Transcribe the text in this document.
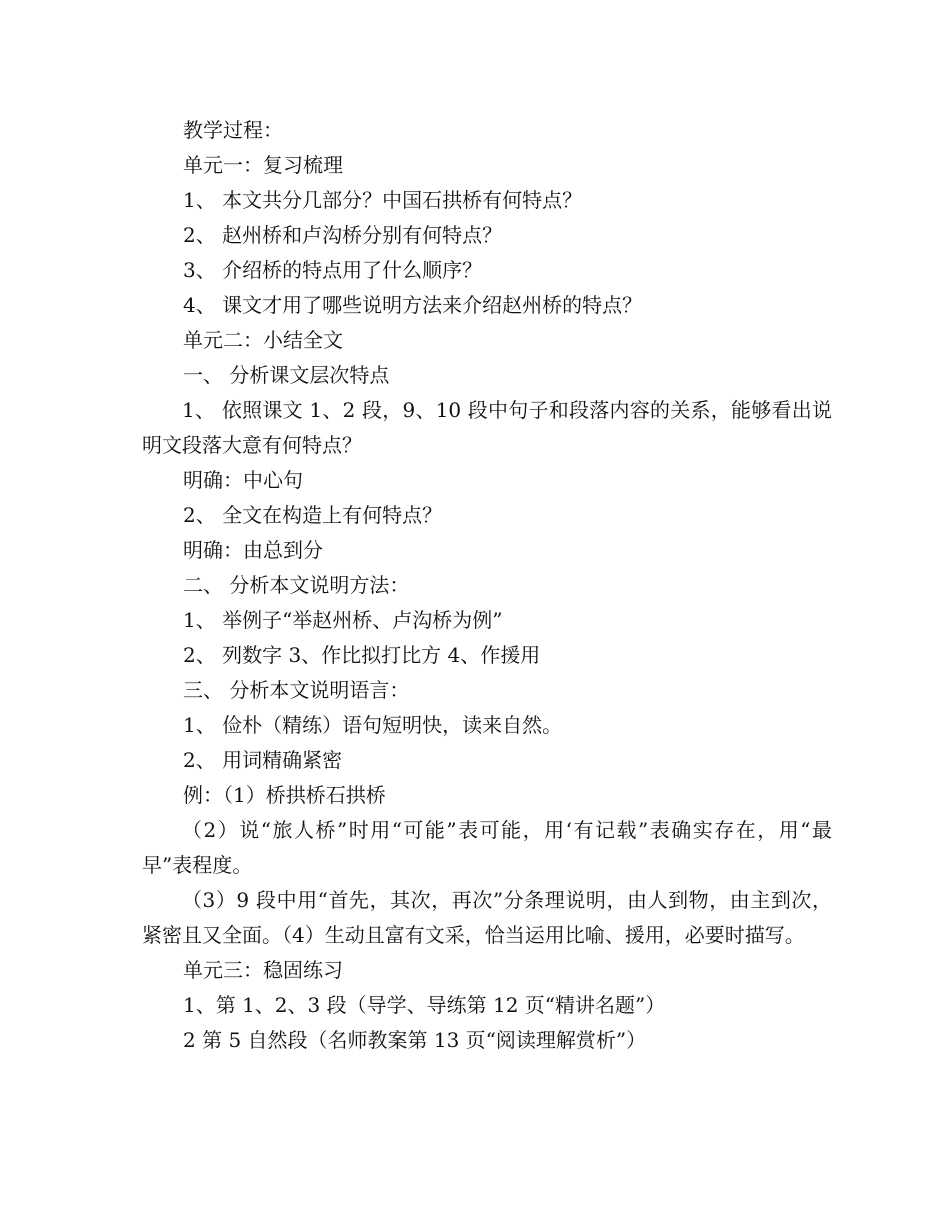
教学过程：

单元一：复习梳理

1、 本文共分几部分？中国石拱桥有何特点？

2、 赵州桥和卢沟桥分别有何特点？

3、 介绍桥的特点用了什么顺序？

4、 课文才用了哪些说明方法来介绍赵州桥的特点？

单元二：小结全文

一、 分析课文层次特点

1、 依照课文 1、2 段，9、10 段中句子和段落内容的关系，能够看出说明文段落大意有何特点？

明确：中心句

2、 全文在构造上有何特点？

明确：由总到分

二、 分析本文说明方法：

1、 举例子“举赵州桥、卢沟桥为例”

2、 列数字 3、作比拟打比方 4、作援用

三、 分析本文说明语言：

1、 俭朴（精练）语句短明快，读来自然。

2、 用词精确紧密

例：（1）桥拱桥石拱桥

（2）说“旅人桥”时用“可能”表可能，用‘有记载”表确实存在，用“最早”表程度。

（3）9 段中用“首先，其次，再次”分条理说明，由人到物，由主到次，紧密且又全面。（4）生动且富有文采，恰当运用比喻、援用，必要时描写。

单元三：稳固练习

1、第 1、2、3 段（导学、导练第 12 页“精讲名题”）

2 第 5 自然段（名师教案第 13 页“阅读理解赏析”）
